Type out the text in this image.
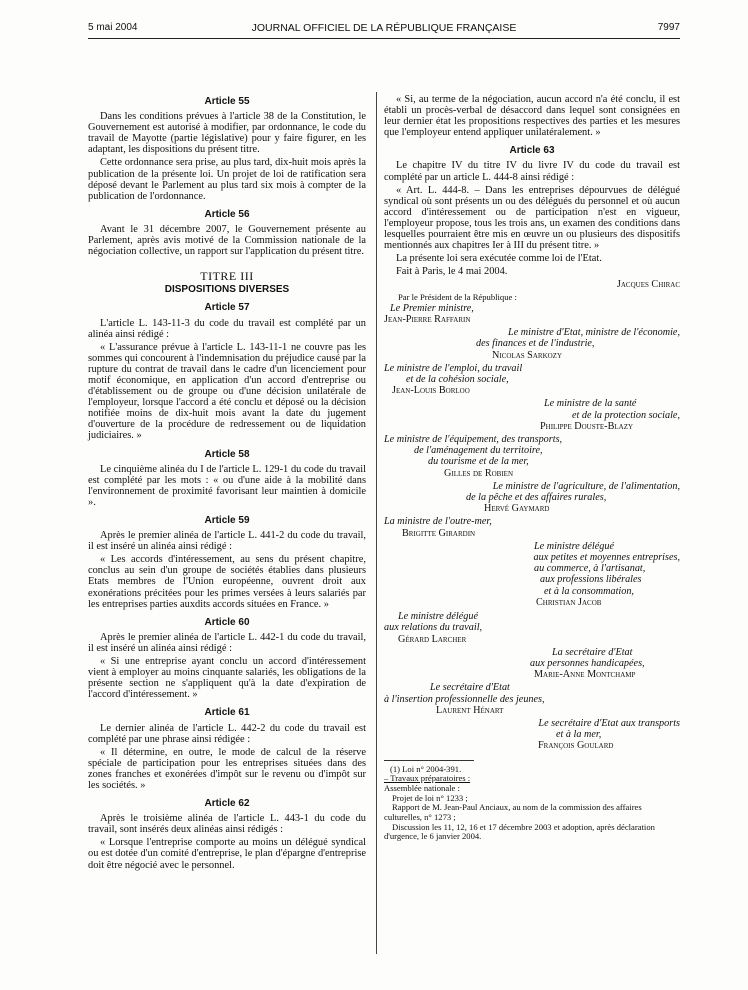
5 mai 2004	JOURNAL OFFICIEL DE LA RÉPUBLIQUE FRANÇAISE	7997
Article 55

Dans les conditions prévues à l'article 38 de la Constitution, le Gouvernement est autorisé à modifier, par ordonnance, le code du travail de Mayotte (partie législative) pour y faire figurer, en les adaptant, les dispositions du présent titre.

Cette ordonnance sera prise, au plus tard, dix-huit mois après la publication de la présente loi. Un projet de loi de ratification sera déposé devant le Parlement au plus tard six mois à compter de la publication de l'ordonnance.

Article 56

Avant le 31 décembre 2007, le Gouvernement présente au Parlement, après avis motivé de la Commission nationale de la négociation collective, un rapport sur l'application du présent titre.

TITRE III
DISPOSITIONS DIVERSES
Article 57

L'article L. 143-11-3 du code du travail est complété par un alinéa ainsi rédigé :

« L'assurance prévue à l'article L. 143-11-1 ne couvre pas les sommes qui concourent à l'indemnisation du préjudice causé par la rupture du contrat de travail dans le cadre d'un licenciement pour motif économique, en application d'un accord d'entreprise ou d'établissement ou de groupe ou d'une décision unilatérale de l'employeur, lorsque l'accord a été conclu et déposé ou la décision notifiée moins de dix-huit mois avant la date du jugement d'ouverture de la procédure de redressement ou de liquidation judiciaires. »

Article 58

Le cinquième alinéa du I de l'article L. 129-1 du code du travail est complété par les mots : « ou d'une aide à la mobilité dans l'environnement de proximité favorisant leur maintien à domicile ».

Article 59

Après le premier alinéa de l'article L. 441-2 du code du travail, il est inséré un alinéa ainsi rédigé :

« Les accords d'intéressement, au sens du présent chapitre, conclus au sein d'un groupe de sociétés établies dans plusieurs Etats membres de l'Union européenne, ouvrent droit aux exonérations précitées pour les primes versées à leurs salariés par les entreprises parties auxdits accords situées en France. »

Article 60

Après le premier alinéa de l'article L. 442-1 du code du travail, il est inséré un alinéa ainsi rédigé :

« Si une entreprise ayant conclu un accord d'intéressement vient à employer au moins cinquante salariés, les obligations de la présente section ne s'appliquent qu'à la date d'expiration de l'accord d'intéressement. »

Article 61

Le dernier alinéa de l'article L. 442-2 du code du travail est complété par une phrase ainsi rédigée :

« Il détermine, en outre, le mode de calcul de la réserve spéciale de participation pour les entreprises situées dans des zones franches et exonérées d'impôt sur le revenu ou d'impôt sur les sociétés. »

Article 62

Après le troisième alinéa de l'article L. 443-1 du code du travail, sont insérés deux alinéas ainsi rédigés :

« Lorsque l'entreprise comporte au moins un délégué syndical ou est dotée d'un comité d'entreprise, le plan d'épargne d'entreprise doit être négocié avec le personnel.

« Si, au terme de la négociation, aucun accord n'a été conclu, il est établi un procès-verbal de désaccord dans lequel sont consignées en leur dernier état les propositions respectives des parties et les mesures que l'employeur entend appliquer unilatéralement. »

Article 63

Le chapitre IV du titre IV du livre IV du code du travail est complété par un article L. 444-8 ainsi rédigé :

« Art. L. 444-8. – Dans les entreprises dépourvues de délégué syndical où sont présents un ou des délégués du personnel et où aucun accord d'intéressement ou de participation n'est en vigueur, l'employeur propose, tous les trois ans, un examen des conditions dans lesquelles pourraient être mis en œuvre un ou plusieurs des dispositifs mentionnés aux chapitres Ier à III du présent titre. »

La présente loi sera exécutée comme loi de l'Etat.

Fait à Paris, le 4 mai 2004.

Jacques Chirac
Par le Président de la République :
Le Premier ministre,
Jean-Pierre Raffarin
Le ministre d'Etat, ministre de l'économie,
des finances et de l'industrie,
Nicolas Sarkozy
Le ministre de l'emploi, du travail
et de la cohésion sociale,
Jean-Louis Borloo
Le ministre de la santé
et de la protection sociale,
Philippe Douste-Blazy
Le ministre de l'équipement, des transports,
de l'aménagement du territoire,
du tourisme et de la mer,
Gilles de Robien
Le ministre de l'agriculture, de l'alimentation,
de la pêche et des affaires rurales,
Hervé Gaymard
La ministre de l'outre-mer,
Brigitte Girardin
Le ministre délégué
aux petites et moyennes entreprises,
au commerce, à l'artisanat,
aux professions libérales
et à la consommation,
Christian Jacob
Le ministre délégué
aux relations du travail,
Gérard Larcher
La secrétaire d'Etat
aux personnes handicapées,
Marie-Anne Montchamp
Le secrétaire d'Etat
à l'insertion professionnelle des jeunes,
Laurent Hénart
Le secrétaire d'Etat aux transports
et à la mer,
François Goulard
(1) Loi n° 2004-391.
– Travaux préparatoires :
Assemblée nationale :
Projet de loi n° 1233 ;
Rapport de M. Jean-Paul Anciaux, au nom de la commission des affaires culturelles, n° 1273 ;
Discussion les 11, 12, 16 et 17 décembre 2003 et adoption, après déclaration d'urgence, le 6 janvier 2004.
